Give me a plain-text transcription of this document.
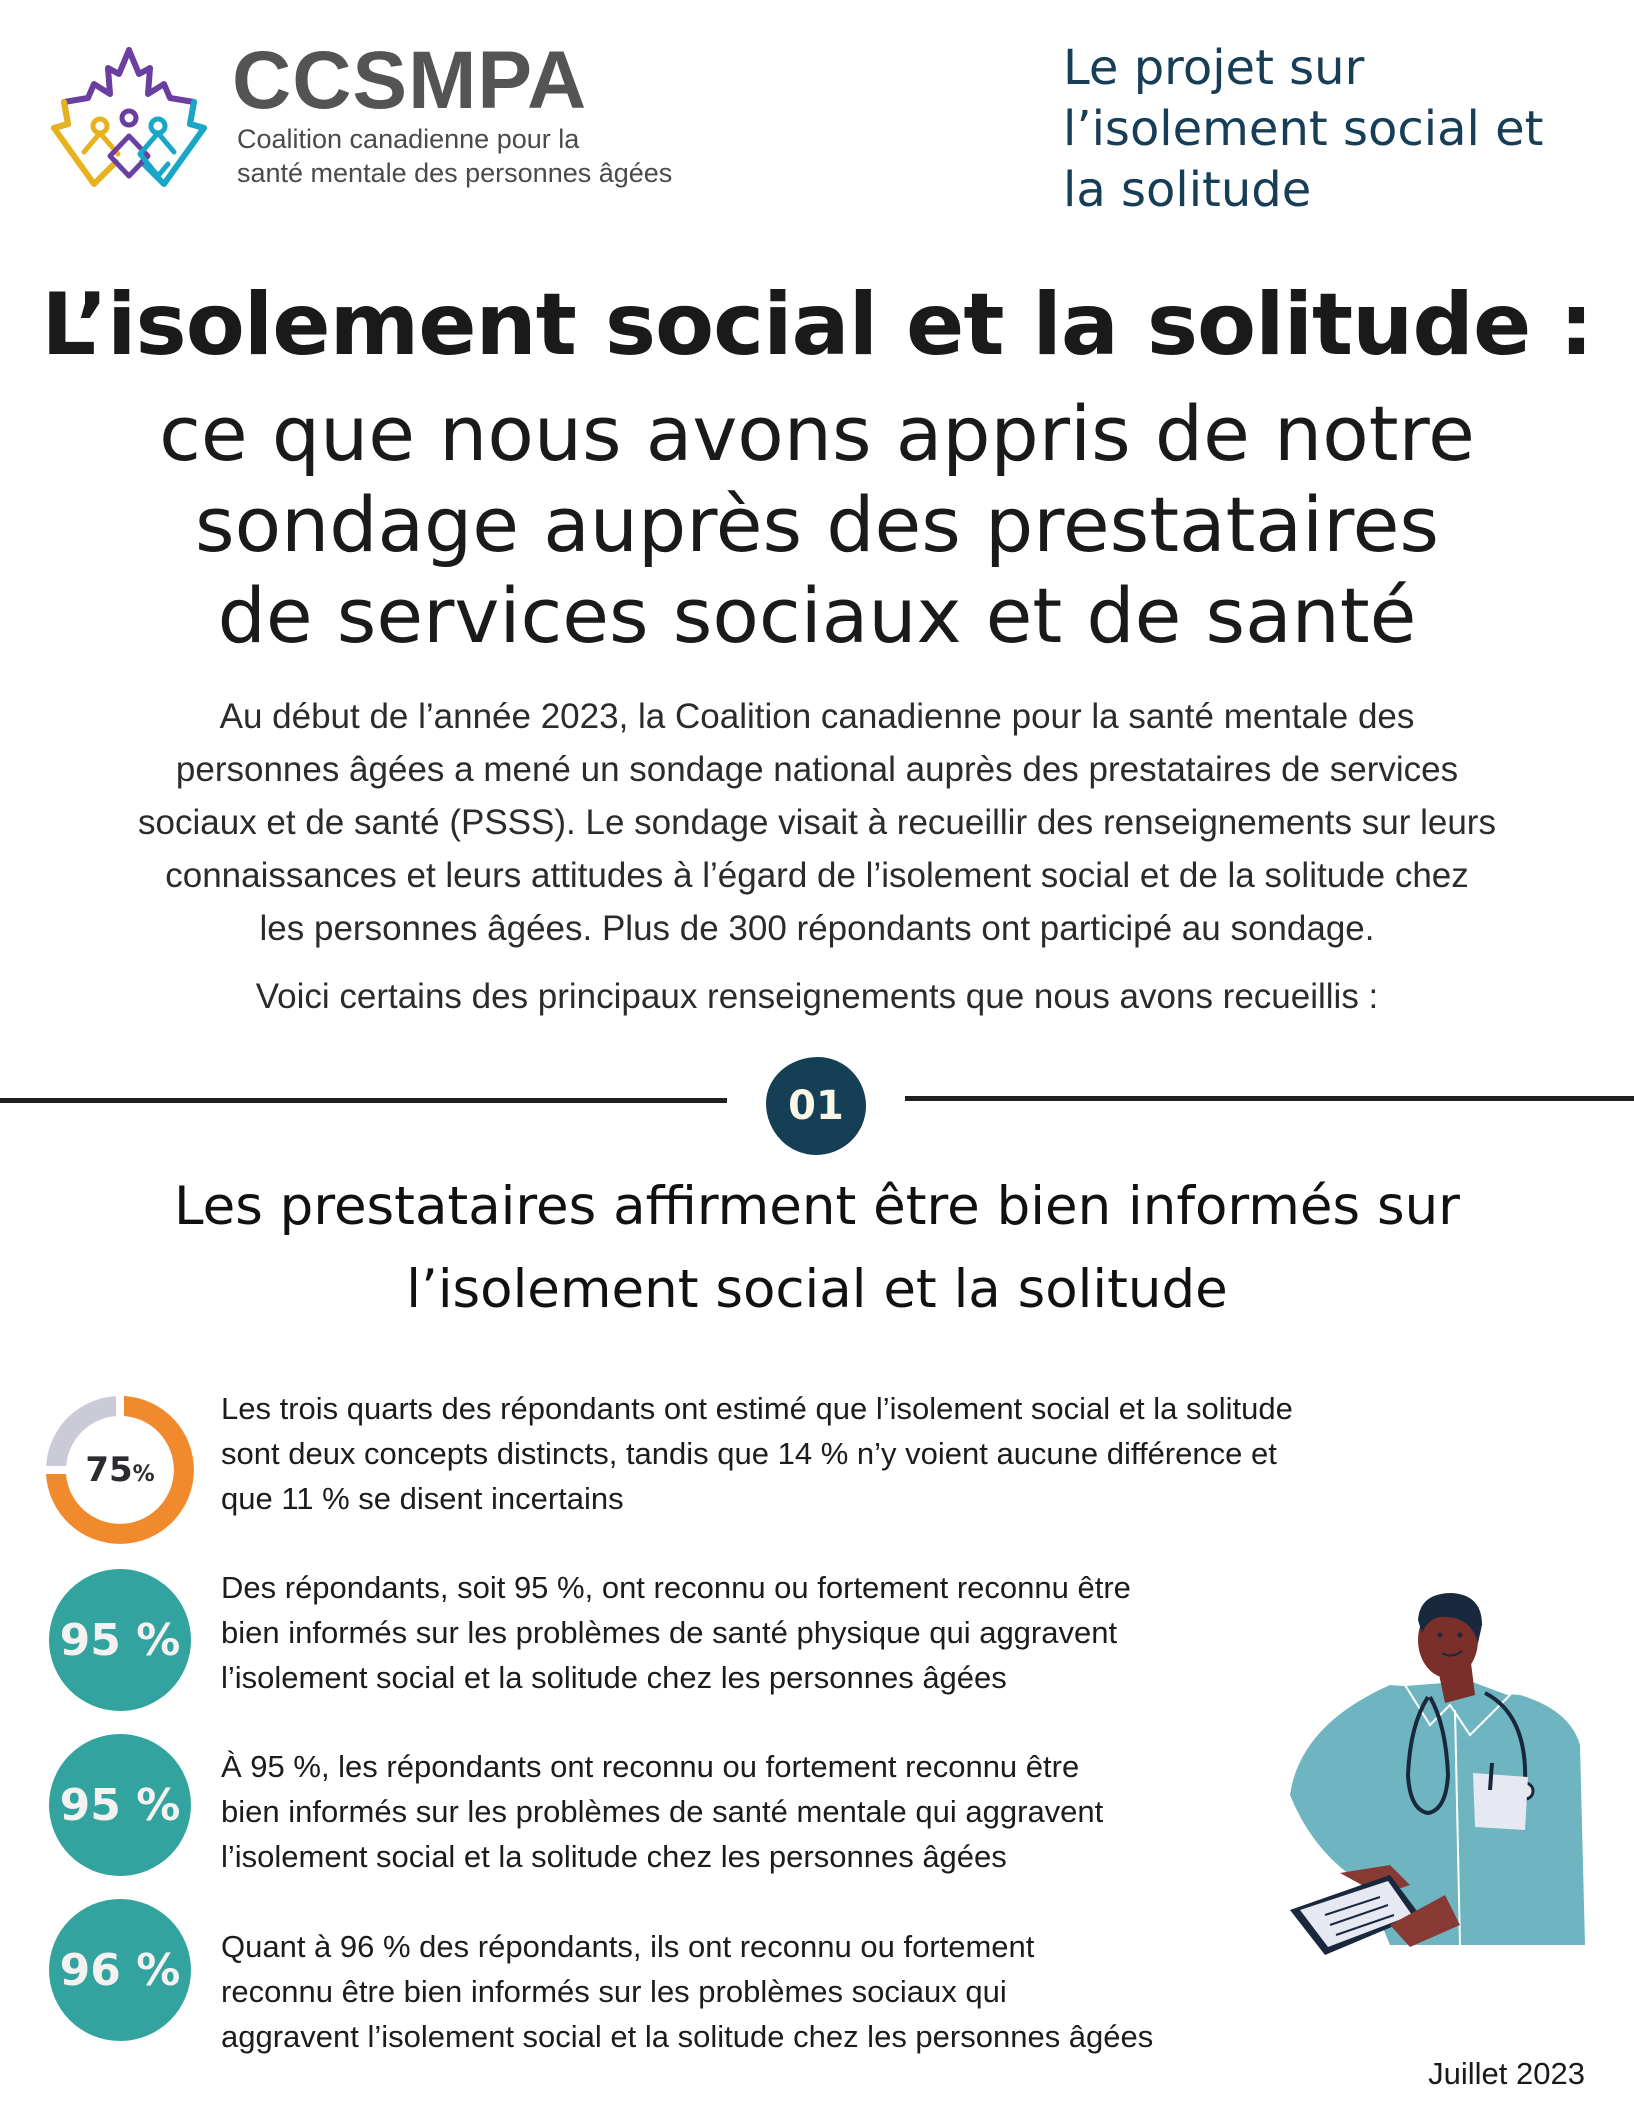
CCSMPA
Coalition canadienne pour la
santé mentale des personnes âgées
Le projet sur
l’isolement social et
la solitude
L’isolement social et la solitude :
ce que nous avons appris de notre
sondage auprès des prestataires
de services sociaux et de santé
Au début de l’année 2023, la Coalition canadienne pour la santé mentale des
personnes âgées a mené un sondage national auprès des prestataires de services
sociaux et de santé (PSSS). Le sondage visait à recueillir des renseignements sur leurs
connaissances et leurs attitudes à l’égard de l’isolement social et de la solitude chez
les personnes âgées. Plus de 300 répondants ont participé au sondage.
Voici certains des principaux renseignements que nous avons recueillis :
01
Les prestataires affirment être bien informés sur
l’isolement social et la solitude
75 %
Les trois quarts des répondants ont estimé que l’isolement social et la solitude
sont deux concepts distincts, tandis que 14 % n’y voient aucune différence et
que 11 % se disent incertains
95 %
Des répondants, soit 95 %, ont reconnu ou fortement reconnu être
bien informés sur les problèmes de santé physique qui aggravent
l’isolement social et la solitude chez les personnes âgées
95 %
À 95 %, les répondants ont reconnu ou fortement reconnu être
bien informés sur les problèmes de santé mentale qui aggravent
l’isolement social et la solitude chez les personnes âgées
96 % Quant à 96 % des répondants, ils ont reconnu ou fortement
reconnu être bien informés sur les problèmes sociaux qui
aggravent l’isolement social et la solitude chez les personnes âgées
Juillet 2023
